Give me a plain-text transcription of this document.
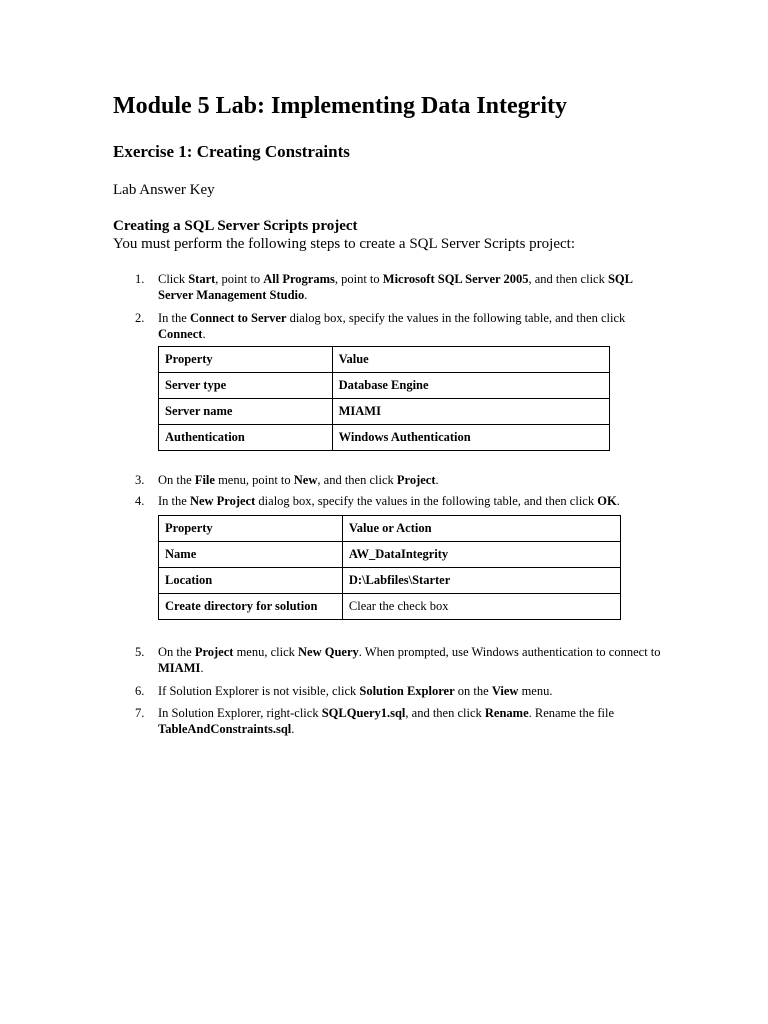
Module 5 Lab: Implementing Data Integrity
Exercise 1: Creating Constraints
Lab Answer Key
Creating a SQL Server Scripts project
You must perform the following steps to create a SQL Server Scripts project:
1. Click Start, point to All Programs, point to Microsoft SQL Server 2005, and then click SQL Server Management Studio.
2. In the Connect to Server dialog box, specify the values in the following table, and then click Connect.
Property	Value
Server type	Database Engine
Server name	MIAMI
Authentication	Windows Authentication
3. On the File menu, point to New, and then click Project.
4. In the New Project dialog box, specify the values in the following table, and then click OK.
Property	Value or Action
Name	AW_DataIntegrity
Location	D:\Labfiles\Starter
Create directory for solution	Clear the check box
5. On the Project menu, click New Query. When prompted, use Windows authentication to connect to MIAMI.
6. If Solution Explorer is not visible, click Solution Explorer on the View menu.
7. In Solution Explorer, right-click SQLQuery1.sql, and then click Rename. Rename the file TableAndConstraints.sql.
